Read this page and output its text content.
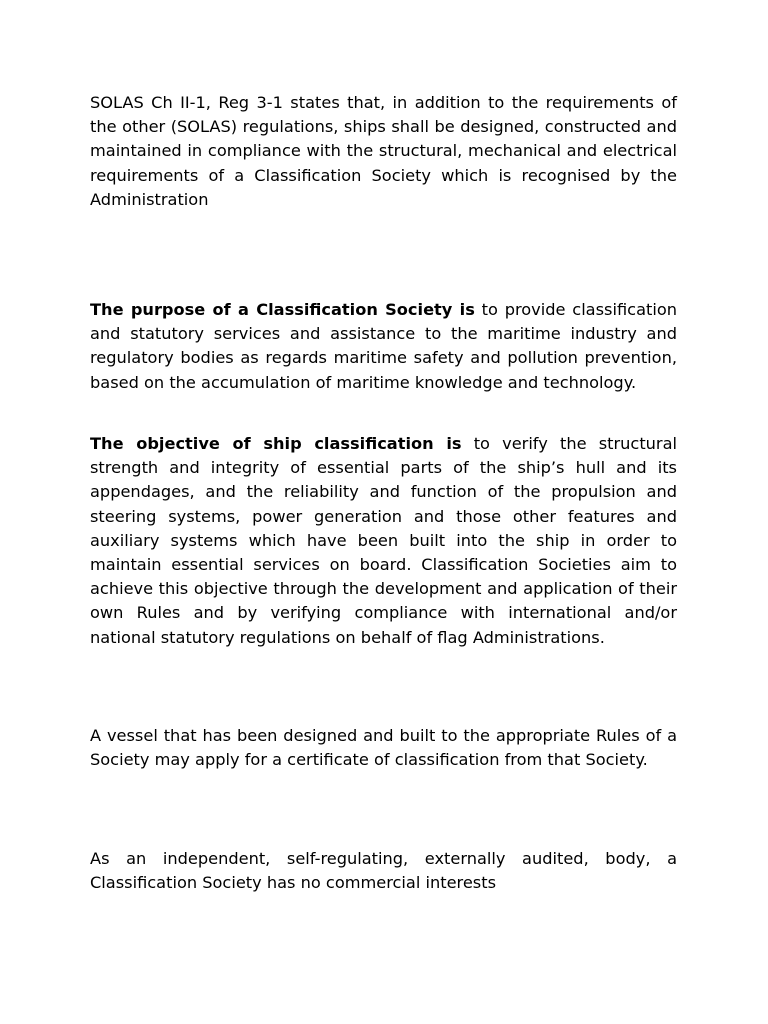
SOLAS Ch II-1, Reg 3-1 states that, in addition to the requirements of the other (SOLAS) regulations, ships shall be designed, constructed and maintained in compliance with the structural, mechanical and electrical requirements of a Classification Society which is recognised by the Administration

The purpose of a Classification Society is to provide classification and statutory services and assistance to the maritime industry and regulatory bodies as regards maritime safety and pollution prevention, based on the accumulation of maritime knowledge and technology.

The objective of ship classification is to verify the structural strength and integrity of essential parts of the ship’s hull and its appendages, and the reliability and function of the propulsion and steering systems, power generation and those other features and auxiliary systems which have been built into the ship in order to maintain essential services on board. Classification Societies aim to achieve this objective through the development and application of their own Rules and by verifying compliance with international and/or national statutory regulations on behalf of flag Administrations.

A vessel that has been designed and built to the appropriate Rules of a Society may apply for a certificate of classification from that Society.

As an independent, self-regulating, externally audited, body, a Classification Society has no commercial interests
